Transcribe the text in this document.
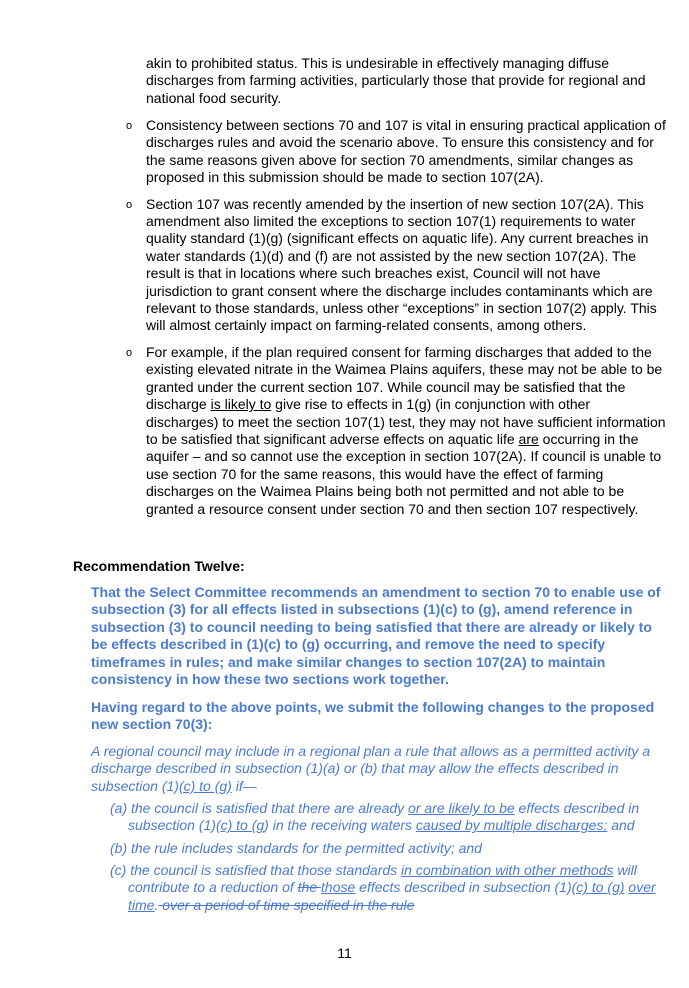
akin to prohibited status. This is undesirable in effectively managing diffuse discharges from farming activities, particularly those that provide for regional and national food security.
o Consistency between sections 70 and 107 is vital in ensuring practical application of discharges rules and avoid the scenario above. To ensure this consistency and for the same reasons given above for section 70 amendments, similar changes as proposed in this submission should be made to section 107(2A).
o Section 107 was recently amended by the insertion of new section 107(2A). This amendment also limited the exceptions to section 107(1) requirements to water quality standard (1)(g) (significant effects on aquatic life). Any current breaches in water standards (1)(d) and (f) are not assisted by the new section 107(2A). The result is that in locations where such breaches exist, Council will not have jurisdiction to grant consent where the discharge includes contaminants which are relevant to those standards, unless other “exceptions” in section 107(2) apply. This will almost certainly impact on farming-related consents, among others.
o For example, if the plan required consent for farming discharges that added to the existing elevated nitrate in the Waimea Plains aquifers, these may not be able to be granted under the current section 107. While council may be satisfied that the discharge is likely to give rise to effects in 1(g) (in conjunction with other discharges) to meet the section 107(1) test, they may not have sufficient information to be satisfied that significant adverse effects on aquatic life are occurring in the aquifer – and so cannot use the exception in section 107(2A). If council is unable to use section 70 for the same reasons, this would have the effect of farming discharges on the Waimea Plains being both not permitted and not able to be granted a resource consent under section 70 and then section 107 respectively.
Recommendation Twelve:
That the Select Committee recommends an amendment to section 70 to enable use of subsection (3) for all effects listed in subsections (1)(c) to (g), amend reference in subsection (3) to council needing to being satisfied that there are already or likely to be effects described in (1)(c) to (g) occurring, and remove the need to specify timeframes in rules; and make similar changes to section 107(2A) to maintain consistency in how these two sections work together.
Having regard to the above points, we submit the following changes to the proposed new section 70(3):
A regional council may include in a regional plan a rule that allows as a permitted activity a discharge described in subsection (1)(a) or (b) that may allow the effects described in subsection (1)(c) to (g) if—
(a) the council is satisfied that there are already or are likely to be effects described in subsection (1)(c) to (g) in the receiving waters caused by multiple discharges; and
(b) the rule includes standards for the permitted activity; and
(c) the council is satisfied that those standards in combination with other methods will contribute to a reduction of the those effects described in subsection (1)(c) to (g) over time. over a period of time specified in the rule
11
